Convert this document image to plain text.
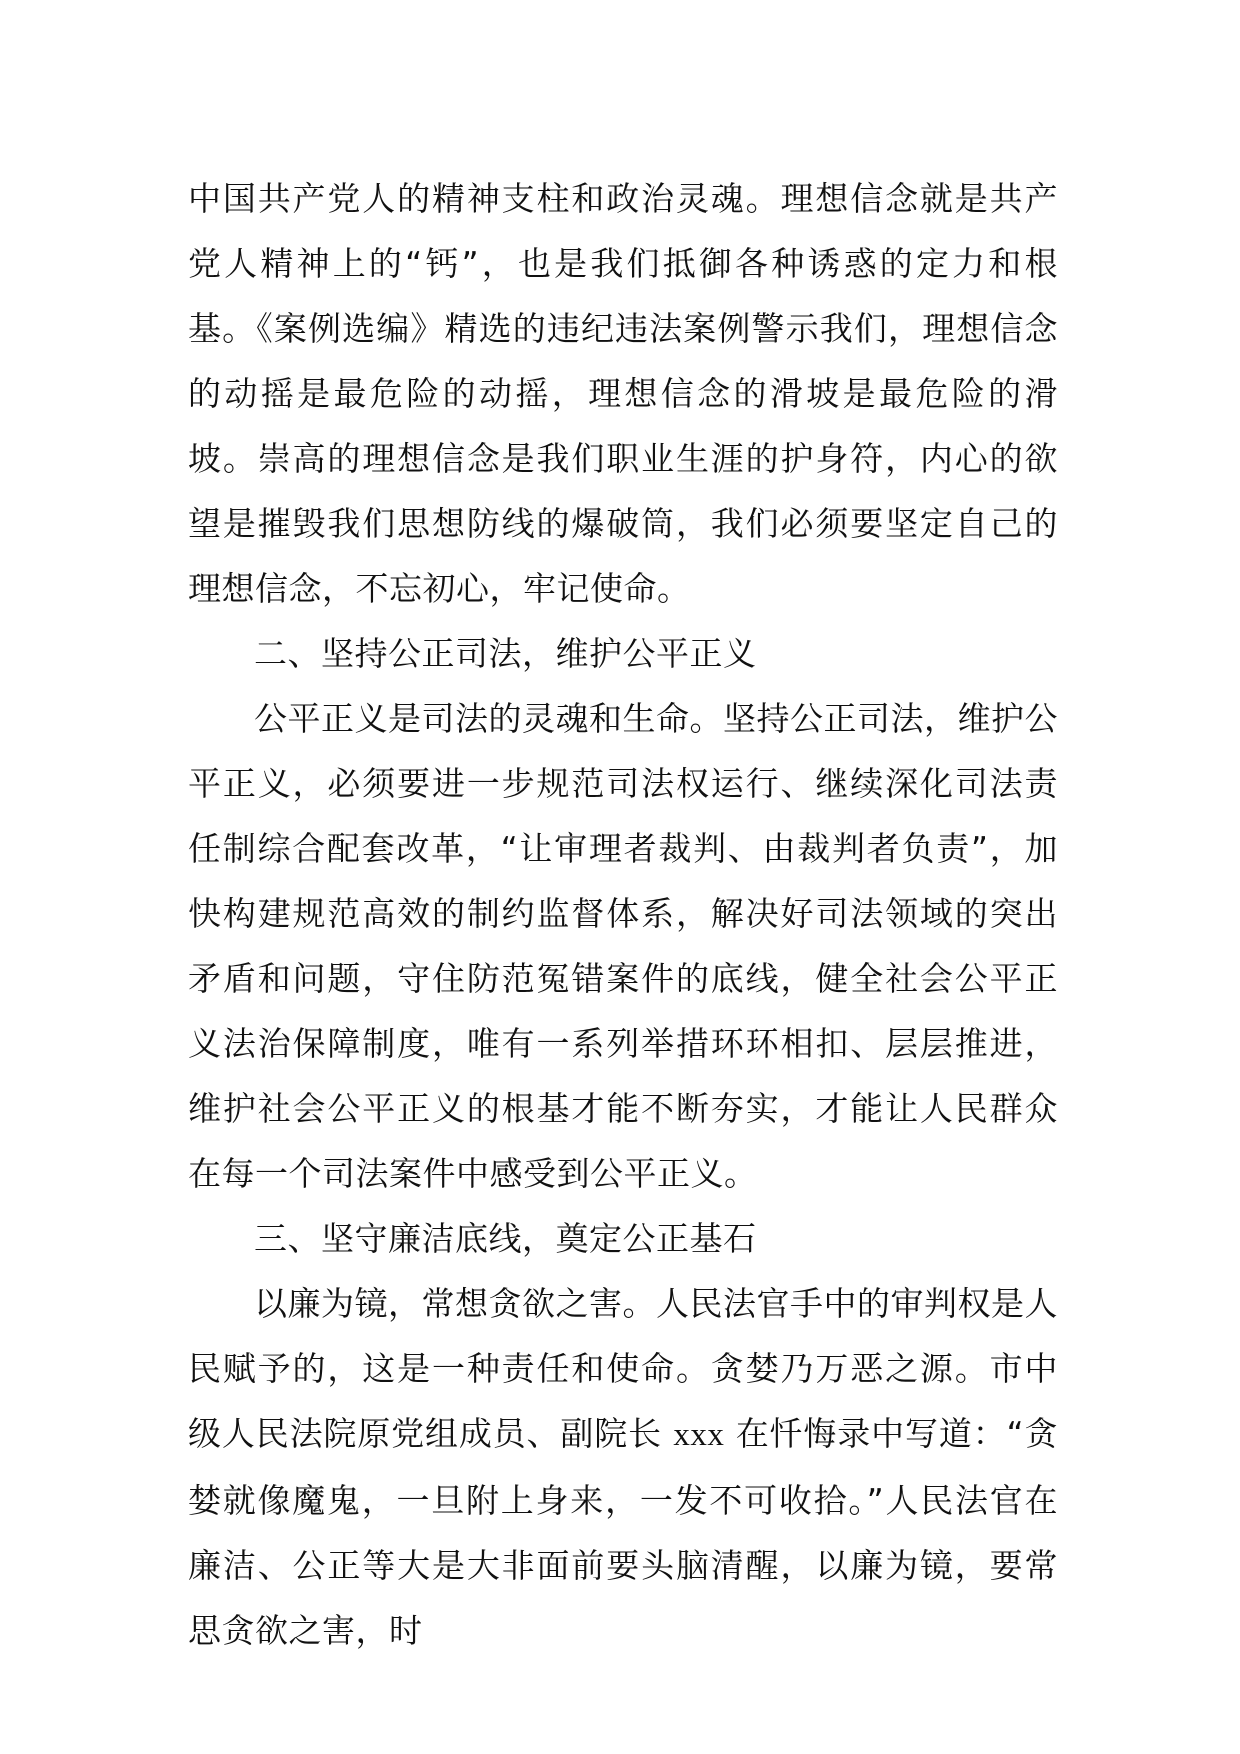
中国共产党人的精神支柱和政治灵魂。理想信念就是共产党人精神上的“钙”，也是我们抵御各种诱惑的定力和根基。《案例选编》精选的违纪违法案例警示我们，理想信念的动摇是最危险的动摇，理想信念的滑坡是最危险的滑坡。崇高的理想信念是我们职业生涯的护身符，内心的欲望是摧毁我们思想防线的爆破筒，我们必须要坚定自己的理想信念，不忘初心，牢记使命。

二、坚持公正司法，维护公平正义

公平正义是司法的灵魂和生命。坚持公正司法，维护公平正义，必须要进一步规范司法权运行、继续深化司法责任制综合配套改革，“让审理者裁判、由裁判者负责”，加快构建规范高效的制约监督体系，解决好司法领域的突出矛盾和问题，守住防范冤错案件的底线，健全社会公平正义法治保障制度，唯有一系列举措环环相扣、层层推进，维护社会公平正义的根基才能不断夯实，才能让人民群众在每一个司法案件中感受到公平正义。

三、坚守廉洁底线，奠定公正基石

以廉为镜，常想贪欲之害。人民法官手中的审判权是人民赋予的，这是一种责任和使命。贪婪乃万恶之源。市中级人民法院原党组成员、副院长 xxx 在忏悔录中写道：“贪婪就像魔鬼，一旦附上身来，一发不可收拾。”人民法官在廉洁、公正等大是大非面前要头脑清醒，以廉为镜，要常思贪欲之害，时
